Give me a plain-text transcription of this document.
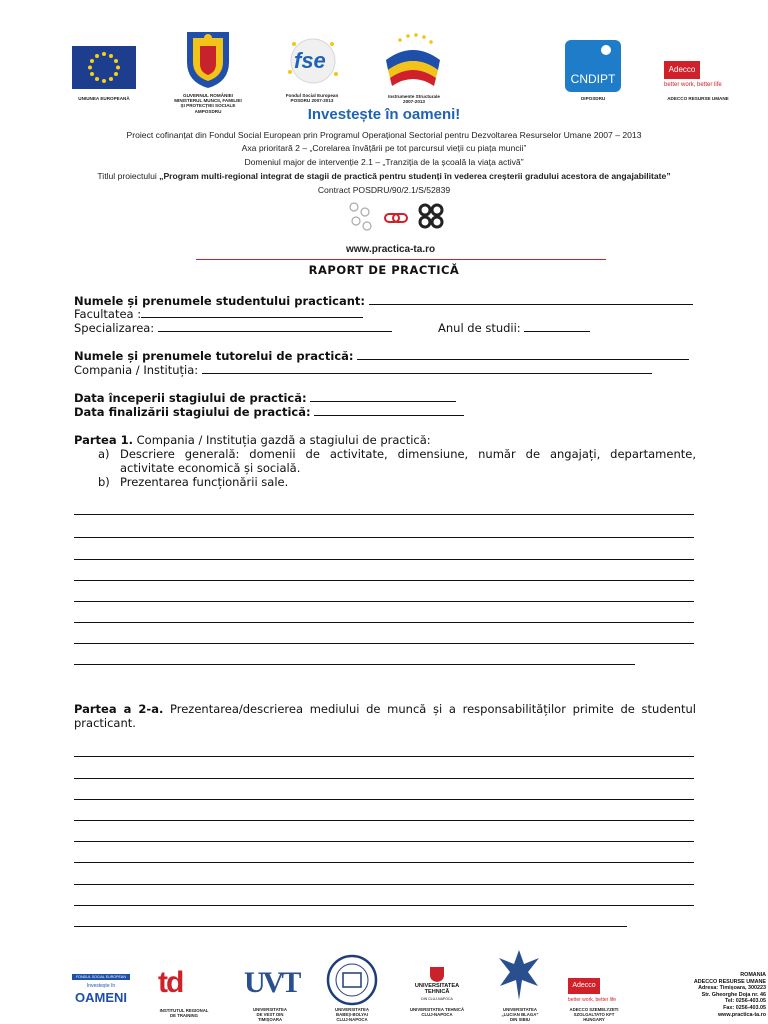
UNIUNEA EUROPEANĂ
GUVERNUL ROMÂNIEI
MINISTERUL MUNCII, FAMILIEI
ȘI PROTECȚIEI SOCIALE
AMPOSDRU
fse
Fondul Social European
POSDRU 2007-2013
Instrumente Structurale
2007-2013
CNDIPT
OIPOSDRU
Adecco
better work, better life
ADECCO RESURSE UMANE
Investește în oameni!
Proiect cofinanțat din Fondul Social European prin Programul Operațional Sectorial pentru Dezvoltarea Resurselor Umane 2007 – 2013
Axa prioritară 2 – „Corelarea învățării pe tot parcursul vieții cu piața muncii”
Domeniul major de intervenție 2.1 – „Tranziția de la școală la viața activă”
Titlul proiectului „Program multi-regional integrat de stagii de practică pentru studenți în vederea creșterii gradului acestora de angajabilitate”
Contract POSDRU/90/2.1/S/52839
www.practica-ta.ro
RAPORT DE PRACTICĂ
Numele și prenumele studentului practicant:
Facultatea :
Specializarea:	Anul de studii:
Numele și prenumele tutorelui de practică:
Compania / Instituția:
Data începerii stagiului de practică:
Data finalizării stagiului de practică:
Partea 1. Compania / Instituția gazdă a stagiului de practică:
a) Descriere generală: domenii de activitate, dimensiune, număr de angajați, departamente,
activitate economică și socială.
b) Prezentarea funcționării sale.
Partea a 2-a. Prezentarea/descrierea mediului de muncă și a responsabilităților primite de studentul
practicant.
FONDUL SOCIAL EUROPEAN
Investește în
OAMENI td
INSTITUTUL REGIONAL
DE TRAINING
UVT
UNIVERSITATEA
DE VEST DIN
TIMIȘOARA
UNIVERSITATEA
BABEȘ-BOLYAI
CLUJ-NAPOCA
UNIVERSITATEA
TEHNICĂ
DIN CLUJ-NAPOCA
UNIVERSITATEA TEHNICĂ
CLUJ-NAPOCA
UNIVERSITATEA
„LUCIAN BLAGA”
DIN SIBIU
Adecco
better work, better life
ADECCO SZEMELYZETI
SZOLGALTATO KFT
HUNGARY
ROMÂNIA
ADECCO RESURSE UMANE
Adresa: Timișoara, 300223
Str. Gheorghe Doja nr. 46
Tel: 0256-403.05
Fax: 0256-403.05
www.practica-ta.ro
